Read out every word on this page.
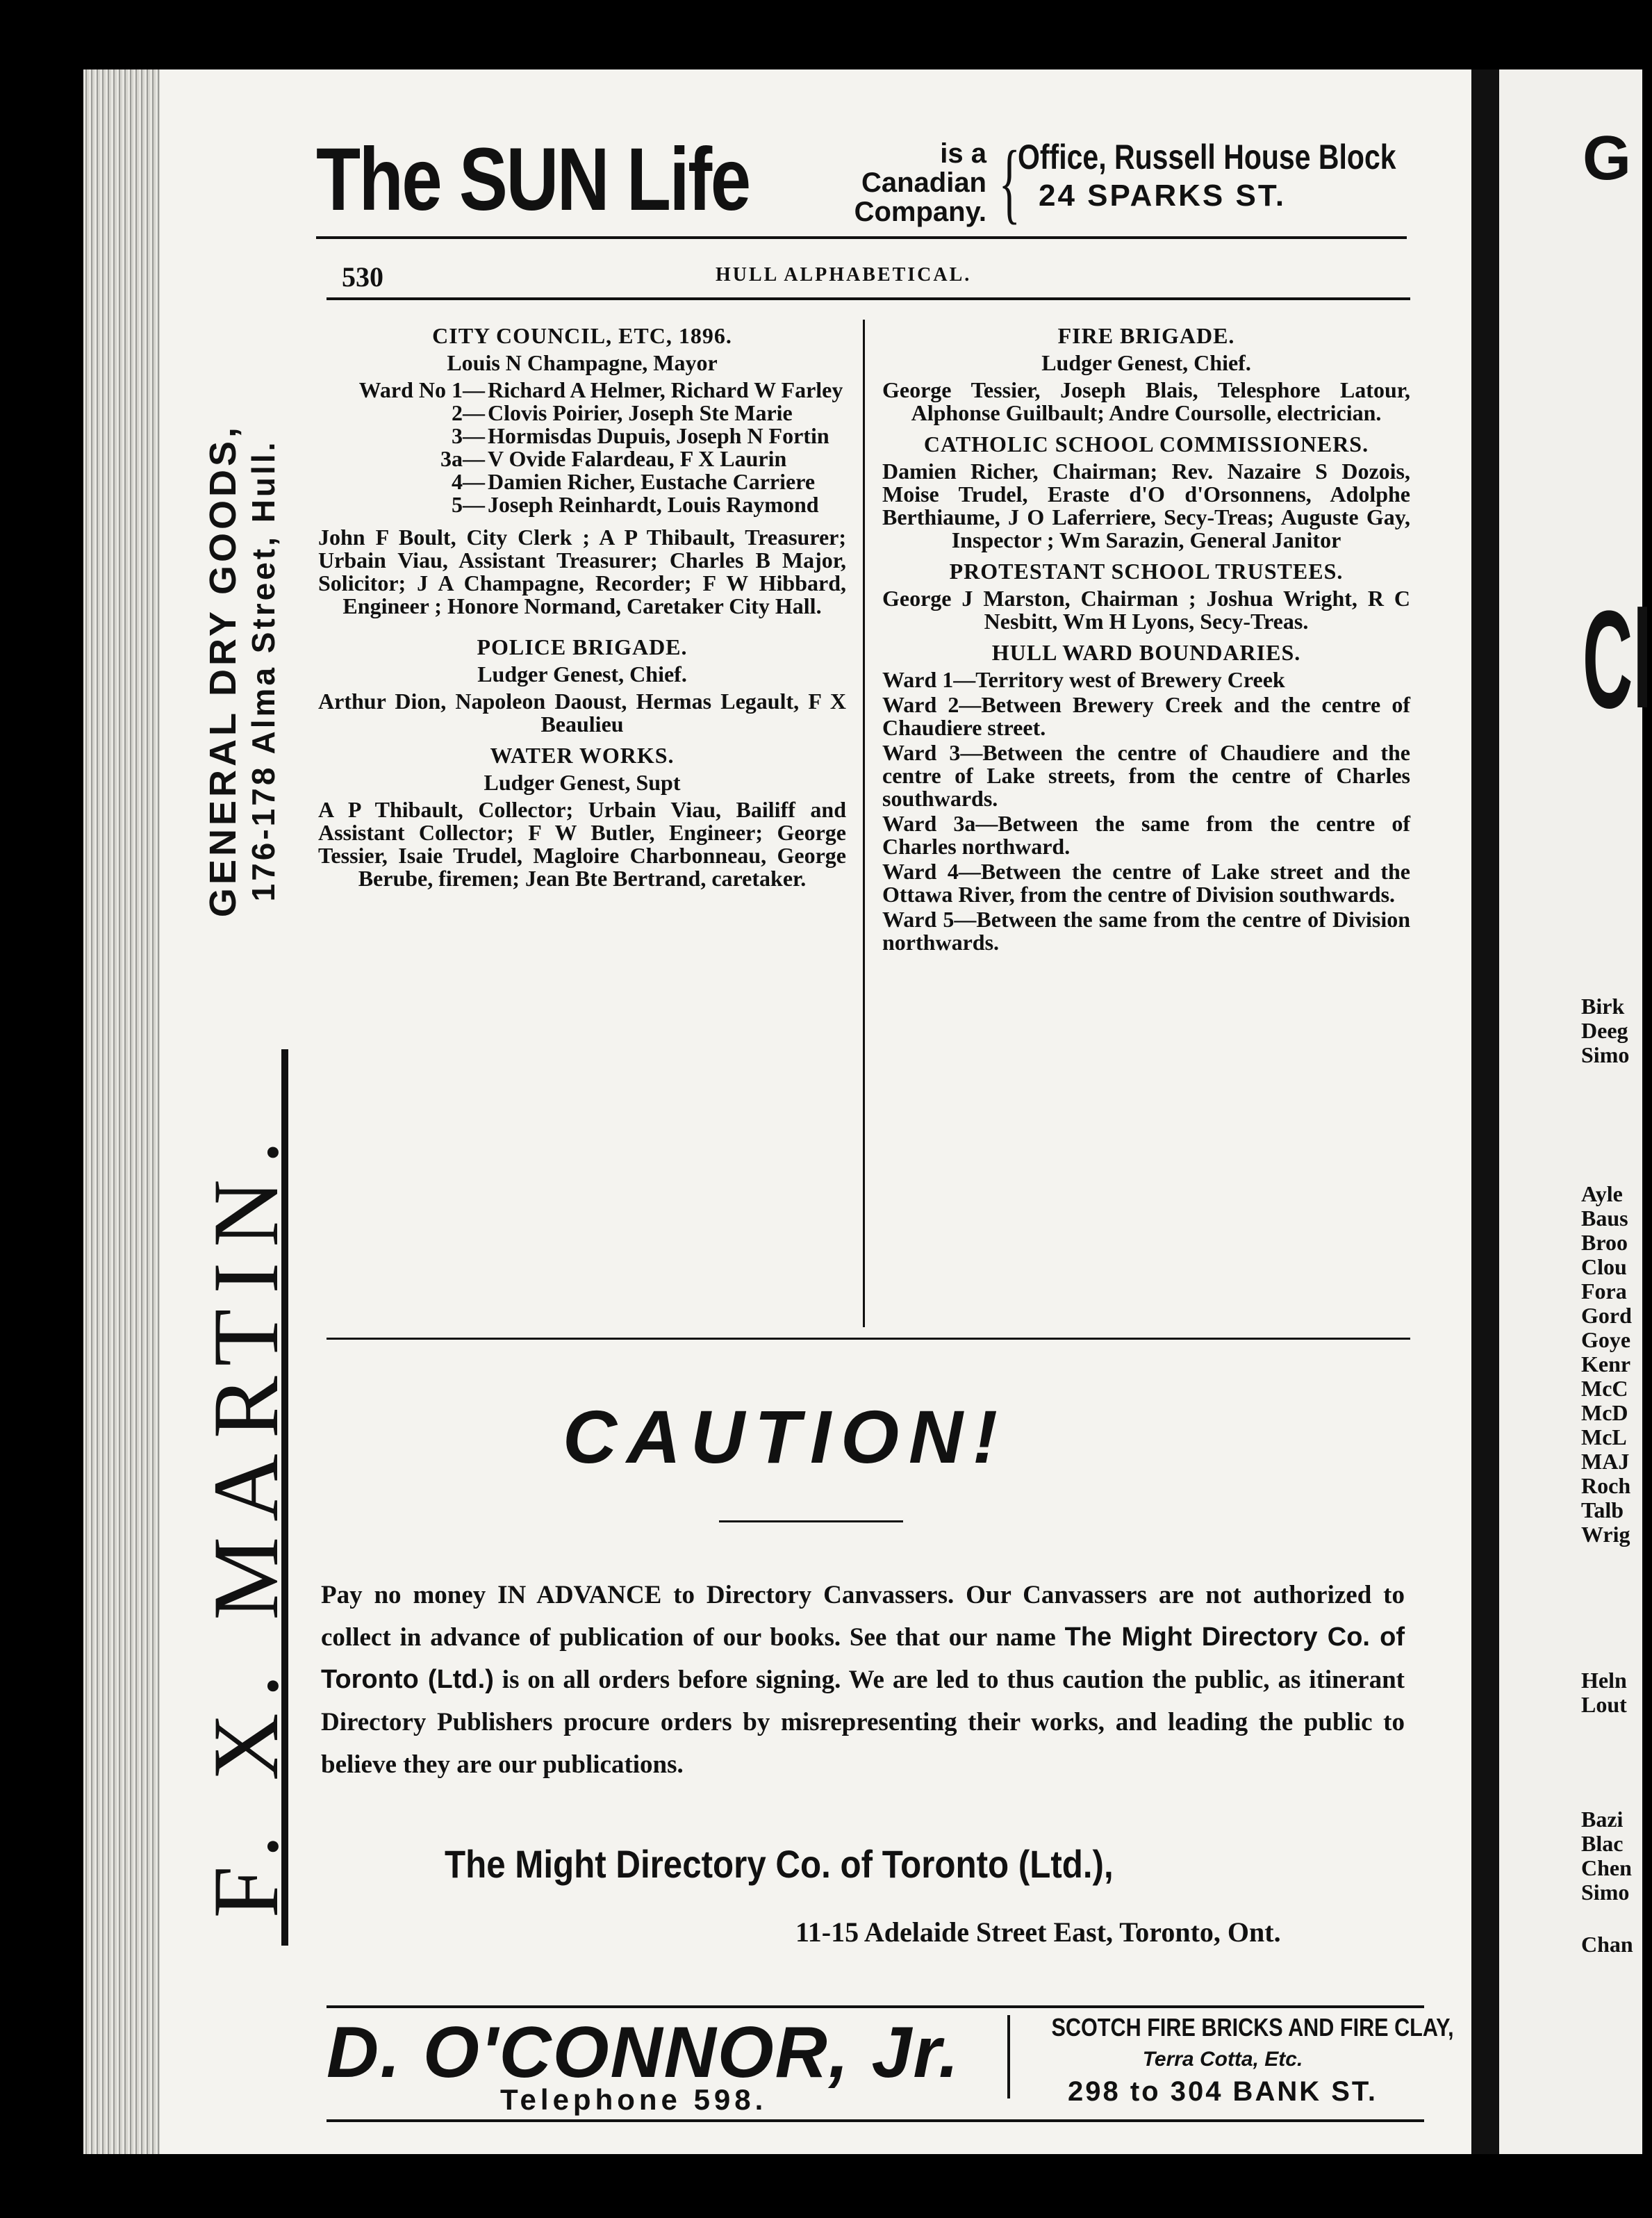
G
Cl
Birk
Deeg
Simo
Ayle
Baus
Broo
Clou
Fora
Gord
Goye
Kenr
McC
McD
McL
MAJ
Roch
Talb
Wrig
Heln
Lout
Bazi
Blac
Chen
Simo
Chan
The SUN Life	is a
Canadian
Company. {
Office, Russell House Block
24 SPARKS ST.
530	HULL ALPHABETICAL.
GENERAL DRY GOODS, 176-178 Alma Street, Hull.
F. X. MARTIN.
CITY COUNCIL, ETC, 1896.
Louis N Champagne, Mayor
Ward No 1— Richard A Helmer, Richard W Farley
2— Clovis Poirier, Joseph Ste Marie
3— Hormisdas Dupuis, Joseph N Fortin
3a— V Ovide Falardeau, F X Laurin
4— Damien Richer, Eustache Carriere
5— Joseph Reinhardt, Louis Raymond
John F Boult, City Clerk ; A P Thibault, Treasurer; Urbain Viau, Assistant Treasurer; Charles B Major, Solicitor; J A Champagne, Recorder; F W Hibbard, Engineer ; Honore Normand, Caretaker City Hall.
POLICE BRIGADE.
Ludger Genest, Chief.
Arthur Dion, Napoleon Daoust, Hermas Legault, F X Beaulieu
WATER WORKS.
Ludger Genest, Supt
A P Thibault, Collector; Urbain Viau, Bailiff and Assistant Collector; F W Butler, Engineer; George Tessier, Isaie Trudel, Magloire Charbonneau, George Berube, firemen; Jean Bte Bertrand, caretaker.
FIRE BRIGADE.
Ludger Genest, Chief.
George Tessier, Joseph Blais, Telesphore Latour, Alphonse Guilbault; Andre Coursolle, electrician.
CATHOLIC SCHOOL COMMISSIONERS.
Damien Richer, Chairman; Rev. Nazaire S Dozois, Moise Trudel, Eraste d'O d'Orsonnens, Adolphe Berthiaume, J O Laferriere, Secy-Treas; Auguste Gay, Inspector ; Wm Sarazin, General Janitor
PROTESTANT SCHOOL TRUSTEES.
George J Marston, Chairman ; Joshua Wright, R C Nesbitt, Wm H Lyons, Secy-Treas.
HULL WARD BOUNDARIES.
Ward 1—Territory west of Brewery Creek
Ward 2—Between Brewery Creek and the centre of Chaudiere street.
Ward 3—Between the centre of Chaudiere and the centre of Lake streets, from the centre of Charles southwards.
Ward 3a—Between the same from the centre of Charles northward.
Ward 4—Between the centre of Lake street and the Ottawa River, from the centre of Division southwards.
Ward 5—Between the same from the centre of Division northwards.
CAUTION!
Pay no money IN ADVANCE to Directory Canvassers. Our Canvassers are not authorized to collect in advance of publication of our books. See that our name The Might Directory Co. of Toronto (Ltd.) is on all orders before signing. We are led to thus caution the public, as itinerant Directory Publishers procure orders by misrepresenting their works, and leading the public to believe they are our publications.
The Might Directory Co. of Toronto (Ltd.),
11-15 Adelaide Street East, Toronto, Ont.
D. O'CONNOR, Jr.
Telephone 598.
SCOTCH FIRE BRICKS AND FIRE CLAY,
Terra Cotta, Etc.
298 to 304 BANK ST.
